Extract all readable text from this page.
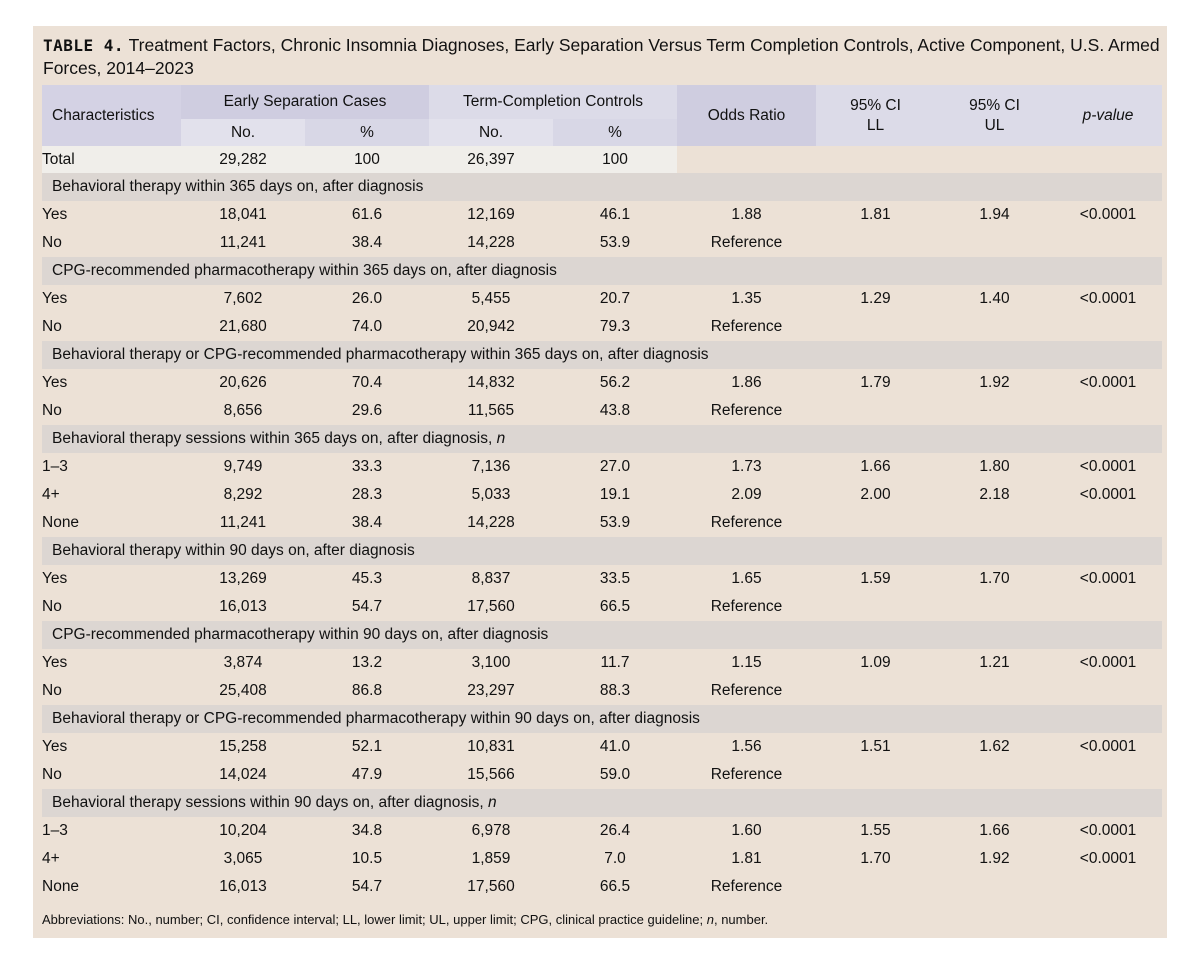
TABLE 4. Treatment Factors, Chronic Insomnia Diagnoses, Early Separation Versus Term Completion Controls, Active Component, U.S. Armed Forces, 2014–2023
Characteristics	Early Separation Cases		Term-Completion Controls		Odds Ratio	95% CI LL	95% CI UL	p-value
	No.	%	No.	%				
Total	29,282	100	26,397	100				
Behavioral therapy within 365 days on, after diagnosis								
Yes	18,041	61.6	12,169	46.1	1.88	1.81	1.94	<0.0001
No	11,241	38.4	14,228	53.9	Reference			
CPG-recommended pharmacotherapy within 365 days on, after diagnosis								
Yes	7,602	26.0	5,455	20.7	1.35	1.29	1.40	<0.0001
No	21,680	74.0	20,942	79.3	Reference			
Behavioral therapy or CPG-recommended pharmacotherapy within 365 days on, after diagnosis								
Yes	20,626	70.4	14,832	56.2	1.86	1.79	1.92	<0.0001
No	8,656	29.6	11,565	43.8	Reference			
Behavioral therapy sessions within 365 days on, after diagnosis, n								
1–3	9,749	33.3	7,136	27.0	1.73	1.66	1.80	<0.0001
4+	8,292	28.3	5,033	19.1	2.09	2.00	2.18	<0.0001
None	11,241	38.4	14,228	53.9	Reference			
Behavioral therapy within 90 days on, after diagnosis								
Yes	13,269	45.3	8,837	33.5	1.65	1.59	1.70	<0.0001
No	16,013	54.7	17,560	66.5	Reference			
CPG-recommended pharmacotherapy within 90 days on, after diagnosis								
Yes	3,874	13.2	3,100	11.7	1.15	1.09	1.21	<0.0001
No	25,408	86.8	23,297	88.3	Reference			
Behavioral therapy or CPG-recommended pharmacotherapy within 90 days on, after diagnosis								
Yes	15,258	52.1	10,831	41.0	1.56	1.51	1.62	<0.0001
No	14,024	47.9	15,566	59.0	Reference			
Behavioral therapy sessions within 90 days on, after diagnosis, n								
1–3	10,204	34.8	6,978	26.4	1.60	1.55	1.66	<0.0001
4+	3,065	10.5	1,859	7.0	1.81	1.70	1.92	<0.0001
None	16,013	54.7	17,560	66.5	Reference			
Abbreviations: No., number; CI, confidence interval; LL, lower limit; UL, upper limit; CPG, clinical practice guideline; n, number.
